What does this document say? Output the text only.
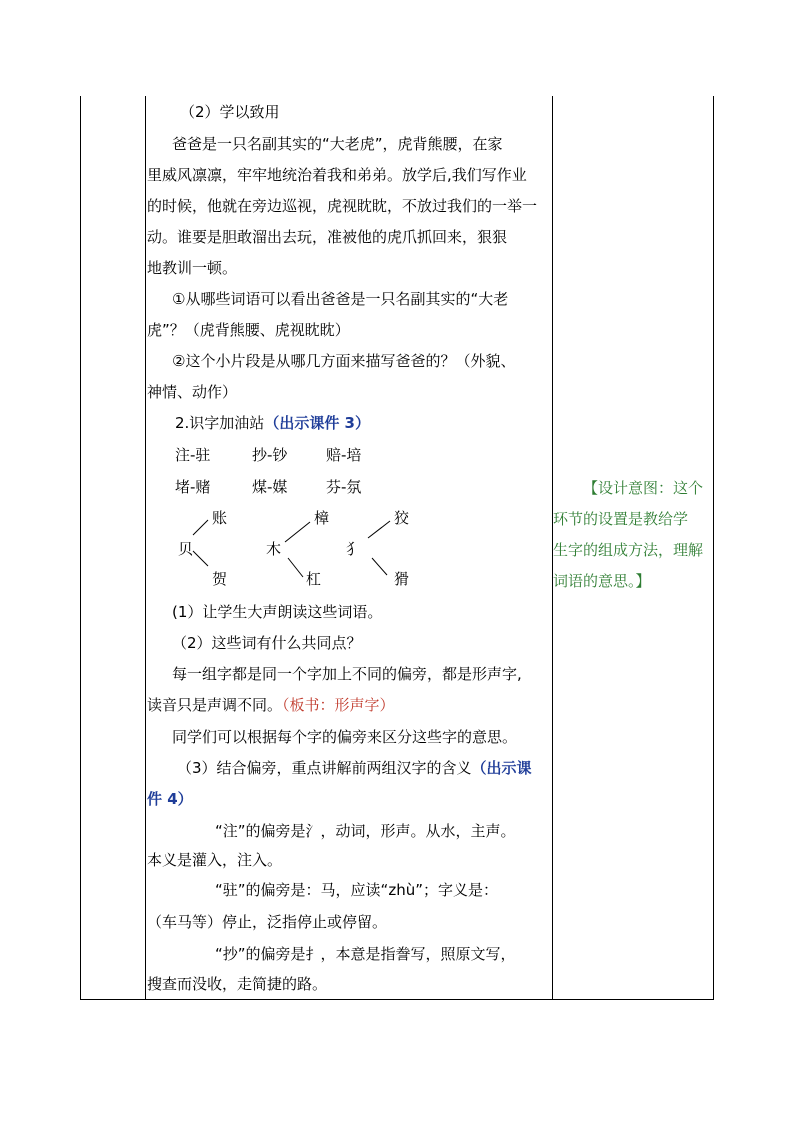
（2）学以致用
爸爸是一只名副其实的“大老虎”，虎背熊腰，在家
里威风凛凛，牢牢地统治着我和弟弟。放学后,我们写作业
的时候，他就在旁边巡视，虎视眈眈，不放过我们的一举一
动。谁要是胆敢溜出去玩，准被他的虎爪抓回来，狠狠
地教训一顿。
①从哪些词语可以看出爸爸是一只名副其实的“大老
虎”？（虎背熊腰、虎视眈眈）
②这个小片段是从哪几方面来描写爸爸的？（外貌、
神情、动作）
2.识字加油站（出示课件 3）
注-驻	抄-钞	赔-培
堵-赌	煤-媒	芬-氛
贝
账
贺
木
樟
杠
犭
狡
猾
(1）让学生大声朗读这些词语。
（2）这些词有什么共同点？
每一组字都是同一个字加上不同的偏旁，都是形声字,
读音只是声调不同。（板书：形声字）
同学们可以根据每个字的偏旁来区分这些字的意思。
（3）结合偏旁，重点讲解前两组汉字的含义（出示课
件 4）
“注”的偏旁是氵，动词，形声。从水，主声。
本义是灌入，注入。
“驻”的偏旁是：马，应读“zhù”；字义是：
（车马等）停止，泛指停止或停留。
“抄”的偏旁是扌，本意是指誊写，照原文写，
搜查而没收，走简捷的路。
【设计意图：这个
环节的设置是教给学
生字的组成方法，理解
词语的意思。】
